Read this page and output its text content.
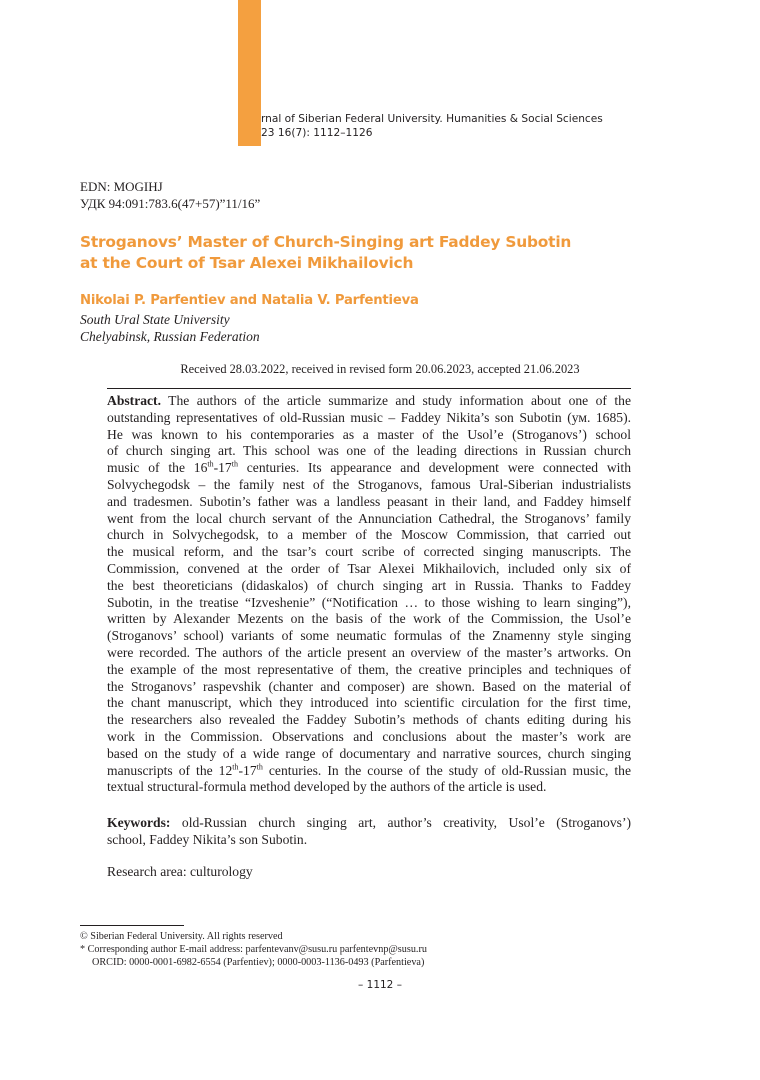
rnal of Siberian Federal University. Humanities & Social Sciences
23 16(7): 1112–1126
EDN: MOGIHJ
УДК 94:091:783.6(47+57)”11/16”
Stroganovs’ Master of Church-Singing art Faddey Subotin
at the Court of Tsar Alexei Mikhailovich
Nikolai P. Parfentiev and Natalia V. Parfentieva
South Ural State University
Chelyabinsk, Russian Federation
Received 28.03.2022, received in revised form 20.06.2023, accepted 21.06.2023
Abstract. The authors of the article summarize and study information about one of the
outstanding representatives of old-Russian music – Faddey Nikita’s son Subotin (ум. 1685).
He was known to his contemporaries as a master of the Usol’e (Stroganovs’) school
of church singing art. This school was one of the leading directions in Russian church
music of the 16th-17th centuries. Its appearance and development were connected with
Solvychegodsk – the family nest of the Stroganovs, famous Ural-Siberian industrialists
and tradesmen. Subotin’s father was a landless peasant in their land, and Faddey himself
went from the local church servant of the Annunciation Cathedral, the Stroganovs’ family
church in Solvychegodsk, to a member of the Moscow Commission, that carried out
the musical reform, and the tsar’s court scribe of corrected singing manuscripts. The
Commission, convened at the order of Tsar Alexei Mikhailovich, included only six of
the best theoreticians (didaskalos) of church singing art in Russia. Thanks to Faddey
Subotin, in the treatise “Izveshenie” (“Notification … to those wishing to learn singing”),
written by Alexander Mezents on the basis of the work of the Commission, the Usol’e
(Stroganovs’ school) variants of some neumatic formulas of the Znamenny style singing
were recorded. The authors of the article present an overview of the master’s artworks. On
the example of the most representative of them, the creative principles and techniques of
the Stroganovs’ raspevshik (chanter and composer) are shown. Based on the material of
the chant manuscript, which they introduced into scientific circulation for the first time,
the researchers also revealed the Faddey Subotin’s methods of chants editing during his
work in the Commission. Observations and conclusions about the master’s work are
based on the study of a wide range of documentary and narrative sources, church singing
manuscripts of the 12th-17th centuries. In the course of the study of old-Russian music, the
textual structural-formula method developed by the authors of the article is used.
Keywords: old-Russian church singing art, author’s creativity, Usol’e (Stroganovs’)
school, Faddey Nikita’s son Subotin.
Research area: culturology
© Siberian Federal University. All rights reserved
* Corresponding author E-mail address: parfentevanv@susu.ru parfentevnp@susu.ru
ORCID: 0000-0001-6982-6554 (Parfentiev); 0000-0003-1136-0493 (Parfentieva)
– 1112 –
